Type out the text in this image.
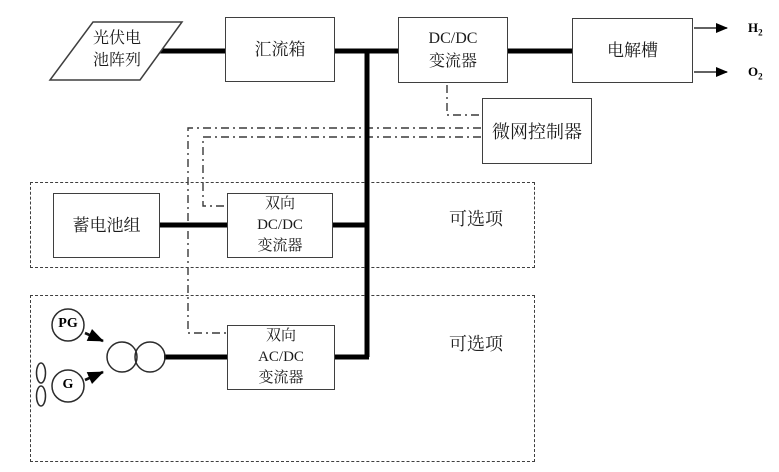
光伏电
池阵列
汇流箱
DC/DC
变流器
电解槽
微网控制器
蓄电池组
双向
DC/DC
变流器
双向
AC/DC
变流器
可选项
可选项
$H_2$
$O_2$
PG
G
